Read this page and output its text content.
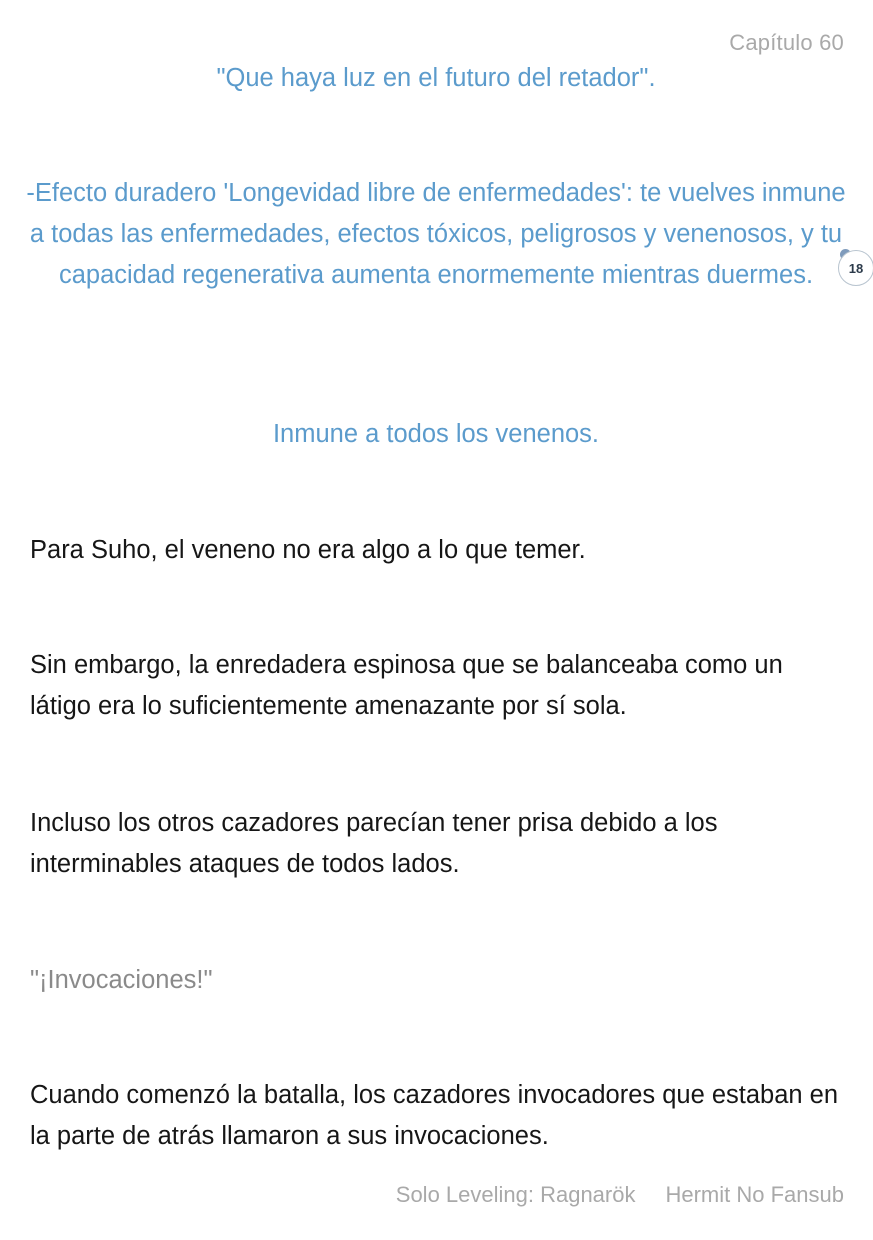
Capítulo 60
"Que haya luz en el futuro del retador".
-Efecto duradero 'Longevidad libre de enfermedades': te vuelves inmune a todas las enfermedades, efectos tóxicos, peligrosos y venenosos, y tu capacidad regenerativa aumenta enormemente mientras duermes.
Inmune a todos los venenos.
18
Para Suho, el veneno no era algo a lo que temer.
Sin embargo, la enredadera espinosa que se balanceaba como un látigo era lo suficientemente amenazante por sí sola.
Incluso los otros cazadores parecían tener prisa debido a los interminables ataques de todos lados.
"¡Invocaciones!"
Cuando comenzó la batalla, los cazadores invocadores que estaban en la parte de atrás llamaron a sus invocaciones.
Solo Leveling: Ragnarök Hermit No Fansub
